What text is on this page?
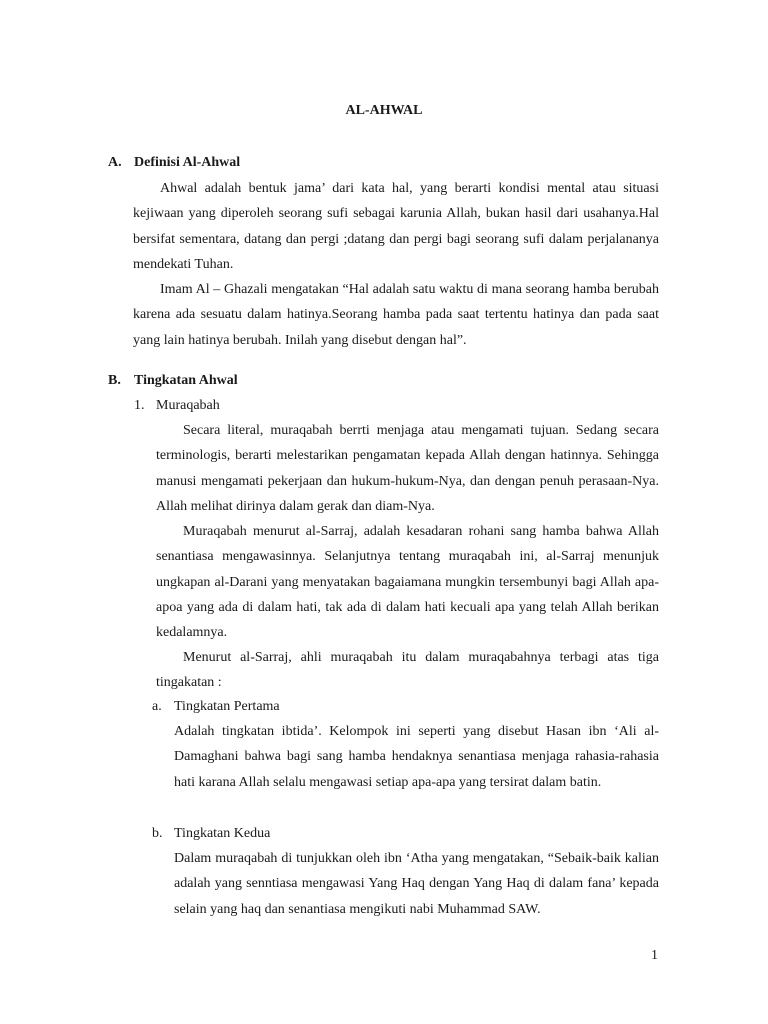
AL-AHWAL
A. Definisi Al-Ahwal

Ahwal adalah bentuk jama’ dari kata hal, yang berarti kondisi mental atau situasi kejiwaan yang diperoleh seorang sufi sebagai karunia Allah, bukan hasil dari usahanya.Hal bersifat sementara, datang dan pergi ;datang dan pergi bagi seorang sufi dalam perjalananya mendekati Tuhan.

Imam Al – Ghazali mengatakan “Hal adalah satu waktu di mana seorang hamba berubah karena ada sesuatu dalam hatinya.Seorang hamba pada saat tertentu hatinya dan pada saat yang lain hatinya berubah. Inilah yang disebut dengan hal”.

B. Tingkatan Ahwal
1. Muraqabah

Secara literal, muraqabah berrti menjaga atau mengamati tujuan. Sedang secara terminologis, berarti melestarikan pengamatan kepada Allah dengan hatinnya. Sehingga manusi mengamati pekerjaan dan hukum-hukum-Nya, dan dengan penuh perasaan-Nya. Allah melihat dirinya dalam gerak dan diam-Nya.

Muraqabah menurut al-Sarraj, adalah kesadaran rohani sang hamba bahwa Allah senantiasa mengawasinnya. Selanjutnya tentang muraqabah ini, al-Sarraj menunjuk ungkapan al-Darani yang menyatakan bagaiamana mungkin tersembunyi bagi Allah apa-apoa yang ada di dalam hati, tak ada di dalam hati kecuali apa yang telah Allah berikan kedalamnya.

Menurut al-Sarraj, ahli muraqabah itu dalam muraqabahnya terbagi atas tiga tingakatan :

a. Tingkatan Pertama

Adalah tingkatan ibtida’. Kelompok ini seperti yang disebut Hasan ibn ‘Ali al-Damaghani bahwa bagi sang hamba hendaknya senantiasa menjaga rahasia-rahasia hati karana Allah selalu mengawasi setiap apa-apa yang tersirat dalam batin.

b. Tingkatan Kedua

Dalam muraqabah di tunjukkan oleh ibn ‘Atha yang mengatakan, “Sebaik-baik kalian adalah yang senntiasa mengawasi Yang Haq dengan Yang Haq di dalam fana’ kepada selain yang haq dan senantiasa mengikuti nabi Muhammad SAW.

1
